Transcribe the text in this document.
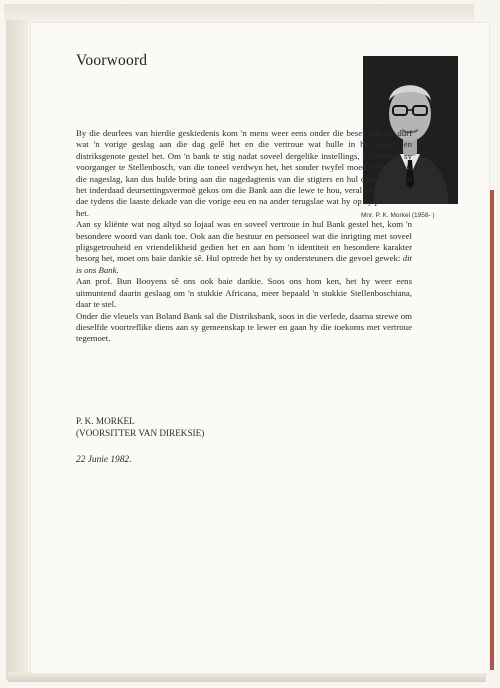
Voorwoord
Mnr. P. K. Morkel (1958- )

By die deurlees van hierdie geskiedenis kom 'n mens weer eens onder die besef van die durf wat 'n vorige geslag aan die dag gelê het en die vertroue wat hulle in hul dorps- en distriksgenote gestel het. Om 'n bank te stig nadat soveel dergelike instellings, insluitende sy voorganger te Stellenbosch, van die toneel verdwyn het, het sonder twyfel moed vereis. Ons, die nageslag, kan dus hulde bring aan die nagedagtenis van die stigters en hul opvolgers. Dit het inderdaad deursettingsvermoë gekos om die Bank aan die lewe te hou, veral in die donker dae tydens die laaste dekade van die vorige eeu en na ander terugslae wat hy op sy pad ervaar het.

Aan sy kliënte wat nog altyd so lojaal was en soveel vertroue in hul Bank gestel het, kom 'n besondere woord van dank toe. Ook aan die bestuur en personeel wat die inrigting met soveel pligsgetrouheid en vriendelikheid gedien het en aan hom 'n identiteit en besondere karakter besorg het, moet ons baie dankie sê. Hul optrede het by sy ondersteuners die gevoel gewek: dit is ons Bank.

Aan prof. Bun Booyens sê ons ook baie dankie. Soos ons hom ken, het hy weer eens uitmuntend daarin geslaag om 'n stukkie Africana, meer bepaald 'n stukkie Stellenboschiana, daar te stel.

Onder die vleuels van Boland Bank sal die Distriksbank, soos in die verlede, daarna strewe om dieselfde voortreflike diens aan sy gemeenskap te lewer en gaan hy die toekoms met vertroue tegemoet.

P. K. MORKEL
(VOORSITTER VAN DIREKSIE)
22 Junie 1982.
